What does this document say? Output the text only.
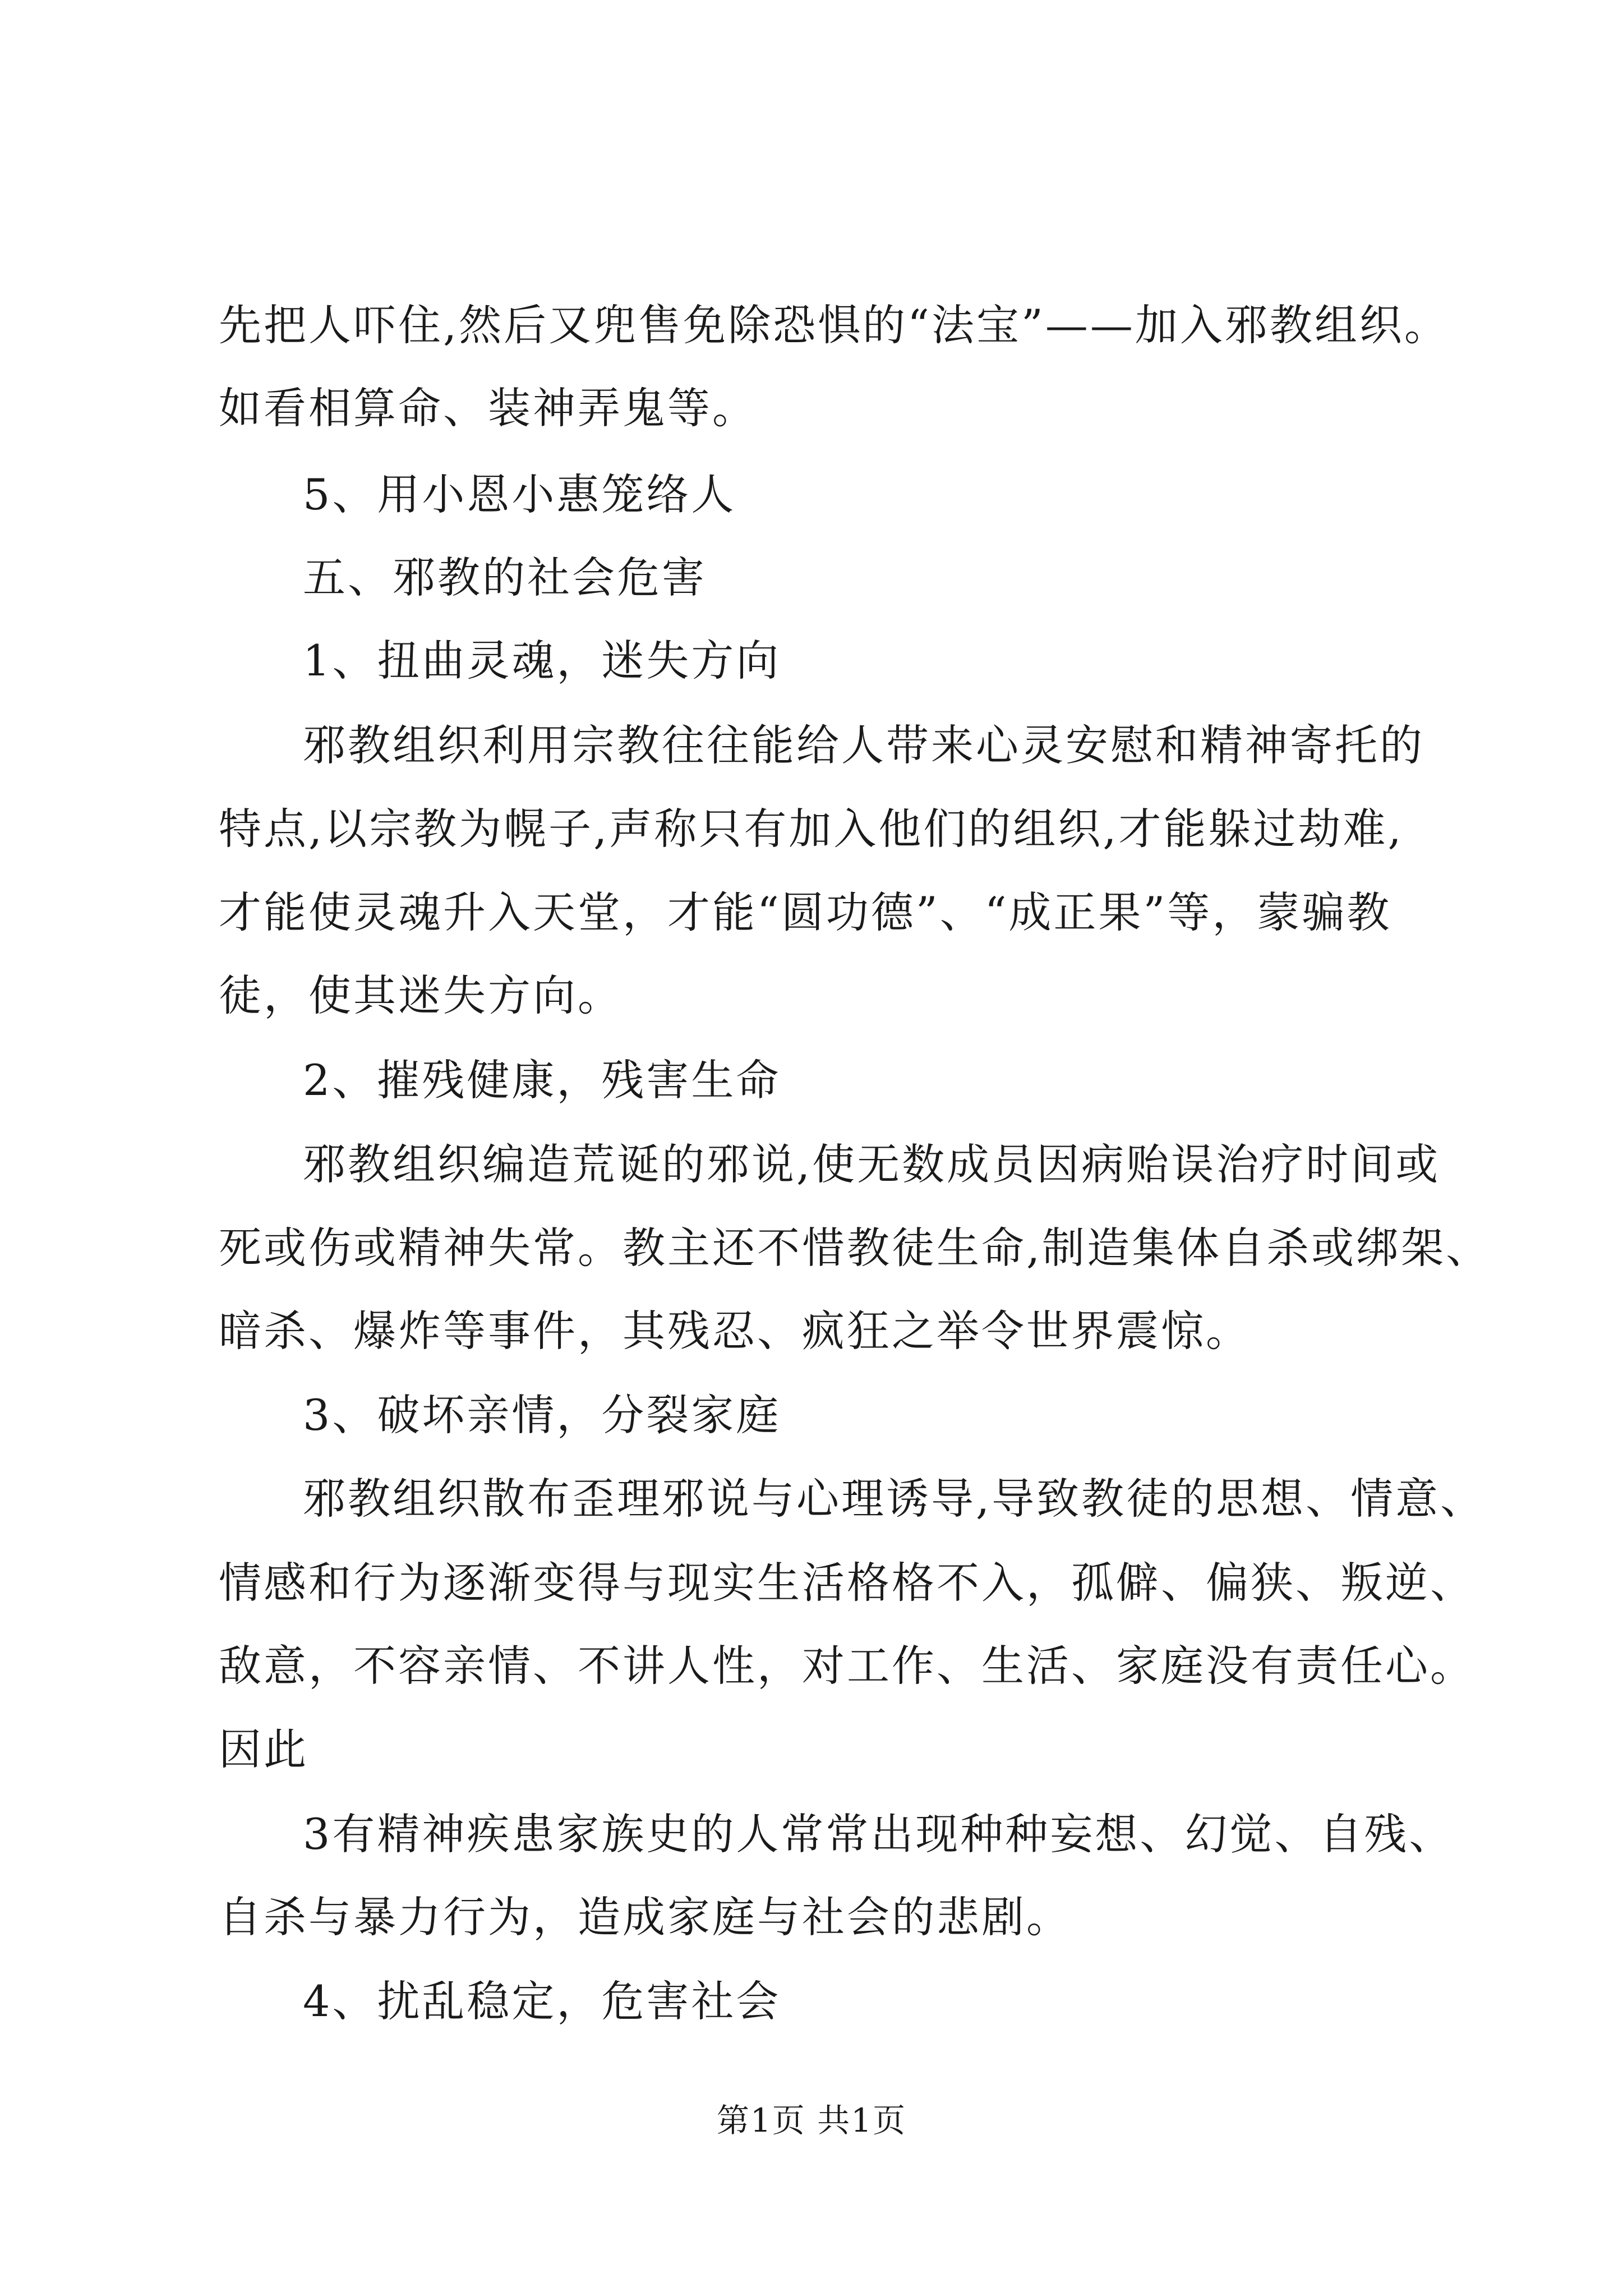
先把人吓住,然后又兜售免除恐惧的“法宝”——加入邪教组织。
如看相算命、装神弄鬼等。
5、用小恩小惠笼络人
五、邪教的社会危害
1、扭曲灵魂，迷失方向
邪教组织利用宗教往往能给人带来心灵安慰和精神寄托的
特点,以宗教为幌子,声称只有加入他们的组织,才能躲过劫难,
才能使灵魂升入天堂，才能“圆功德”、“成正果”等，蒙骗教
徒，使其迷失方向。
2、摧残健康，残害生命
邪教组织编造荒诞的邪说,使无数成员因病贻误治疗时间或
死或伤或精神失常。教主还不惜教徒生命,制造集体自杀或绑架、
暗杀、爆炸等事件，其残忍、疯狂之举令世界震惊。
3、破坏亲情，分裂家庭
邪教组织散布歪理邪说与心理诱导,导致教徒的思想、情意、
情感和行为逐渐变得与现实生活格格不入，孤僻、偏狭、叛逆、
敌意，不容亲情、不讲人性，对工作、生活、家庭没有责任心。
因此
3有精神疾患家族史的人常常出现种种妄想、幻觉、自残、
自杀与暴力行为，造成家庭与社会的悲剧。
4、扰乱稳定，危害社会
第1页 共1页
